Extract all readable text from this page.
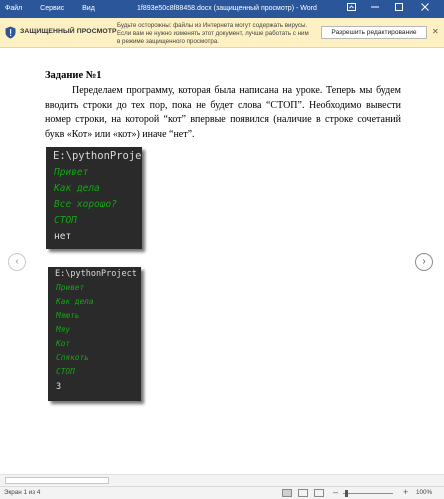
Файл	Сервис	Вид	1f893e50c8f88458.docx (защищенный просмотр) - Word
ЗАЩИЩЕННЫЙ ПРОСМОТР
Будьте осторожны: файлы из Интернета могут содержать вирусы. Если вам не нужно изменять этот документ, лучше работать с ним в режиме защищенного просмотра.
Разрешить редактирование	✕
Задание №1
Переделаем программу, которая была написана на уроке. Теперь мы будем вводить строки до тех пор, пока не будет слова “СТОП”. Необходимо вывести номер строки, на которой “кот” впервые появился (наличие в строке сочетаний букв «Кот» или «кот») иначе “нет”.
E:\pythonProje
Привет
Как дела
Все хорошо?
СТОП
нет
E:\pythonProject
Привет
Как дела
Мяють
Мяу
Кот
Спякоть
СТОП
3
‹	›
Экран 1 из 4	–	+ 100%
